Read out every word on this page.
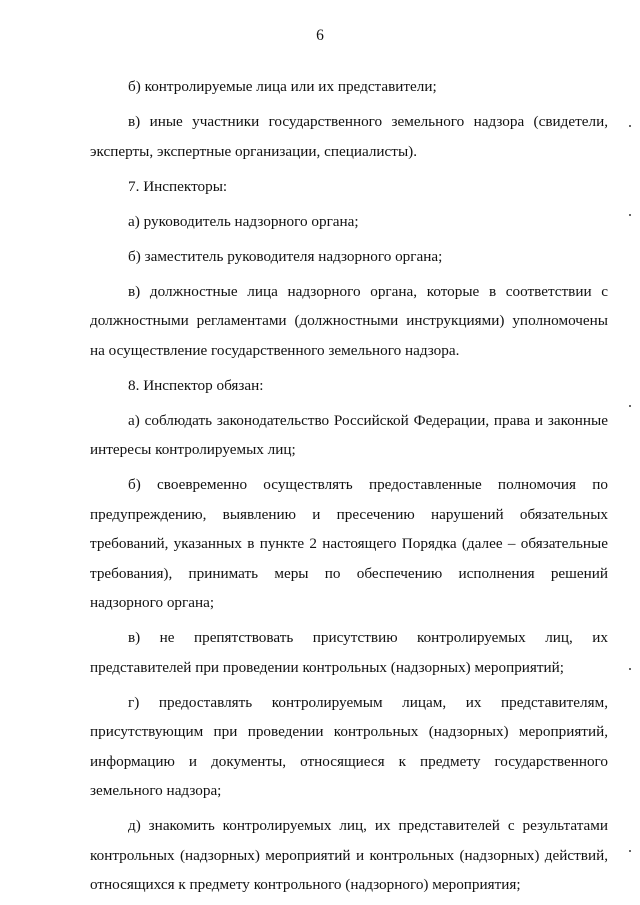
6

б) контролируемые лица или их представители;

в) иные участники государственного земельного надзора (свидетели, эксперты, экспертные организации, специалисты).

7. Инспекторы:

а) руководитель надзорного органа;

б) заместитель руководителя надзорного органа;

в) должностные лица надзорного органа, которые в соответствии с должностными регламентами (должностными инструкциями) уполномочены на осуществление государственного земельного надзора.

8. Инспектор обязан:

а) соблюдать законодательство Российской Федерации, права и законные интересы контролируемых лиц;

б) своевременно осуществлять предоставленные полномочия по предупреждению, выявлению и пресечению нарушений обязательных требований, указанных в пункте 2 настоящего Порядка (далее – обязательные требования), принимать меры по обеспечению исполнения решений надзорного органа;

в) не препятствовать присутствию контролируемых лиц, их представителей при проведении контрольных (надзорных) мероприятий;

г) предоставлять контролируемым лицам, их представителям, присутствующим при проведении контрольных (надзорных) мероприятий, информацию и документы, относящиеся к предмету государственного земельного надзора;

д) знакомить контролируемых лиц, их представителей с результатами контрольных (надзорных) мероприятий и контрольных (надзорных) действий, относящихся к предмету контрольного (надзорного) мероприятия;
